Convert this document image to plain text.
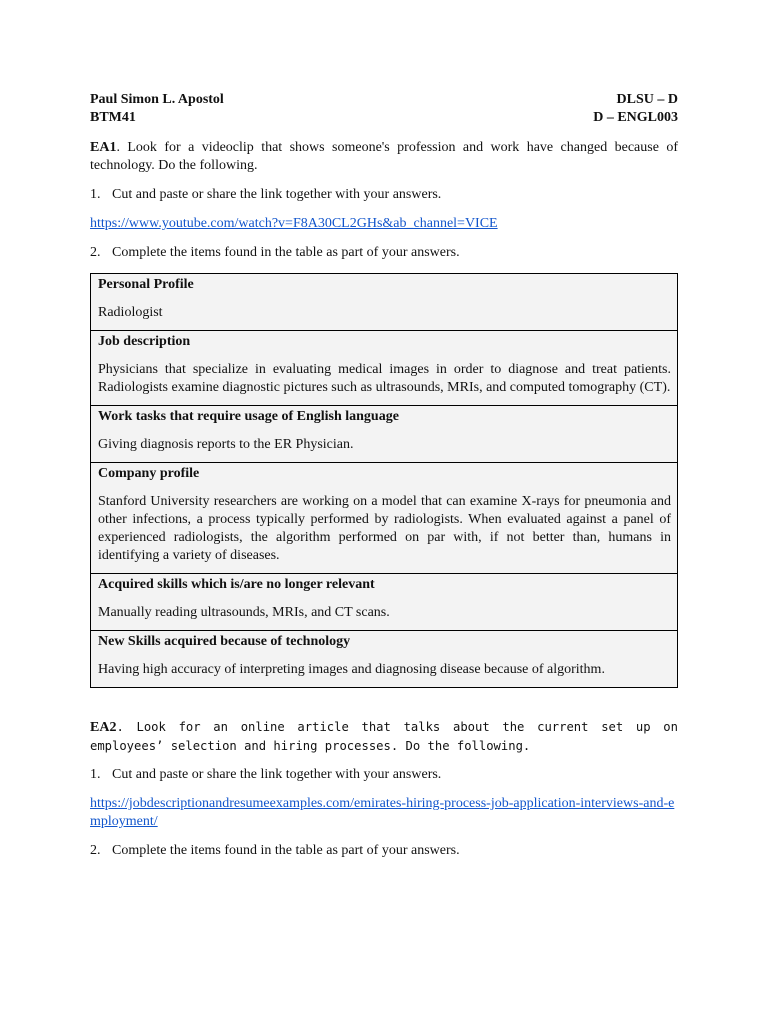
Paul Simon L. Apostol	DLSU – D
BTM41	D – ENGL003
EA1. Look for a videoclip that shows someone's profession and work have changed because of technology. Do the following.
1. Cut and paste or share the link together with your answers.
https://www.youtube.com/watch?v=F8A30CL2GHs&ab_channel=VICE
2. Complete the items found in the table as part of your answers.
Personal Profile
Radiologist

Job description
Physicians that specialize in evaluating medical images in order to diagnose and treat patients. Radiologists examine diagnostic pictures such as ultrasounds, MRIs, and computed tomography (CT).

Work tasks that require usage of English language
Giving diagnosis reports to the ER Physician.

Company profile
Stanford University researchers are working on a model that can examine X-rays for pneumonia and other infections, a process typically performed by radiologists. When evaluated against a panel of experienced radiologists, the algorithm performed on par with, if not better than, humans in identifying a variety of diseases.

Acquired skills which is/are no longer relevant
Manually reading ultrasounds, MRIs, and CT scans.

New Skills acquired because of technology
Having high accuracy of interpreting images and diagnosing disease because of algorithm.
EA2. Look for an online article that talks about the current set up on employees’ selection and hiring processes. Do the following.
1. Cut and paste or share the link together with your answers.
https://jobdescriptionandresumeexamples.com/emirates-hiring-process-job-application-interviews-and-employment/
2. Complete the items found in the table as part of your answers.
